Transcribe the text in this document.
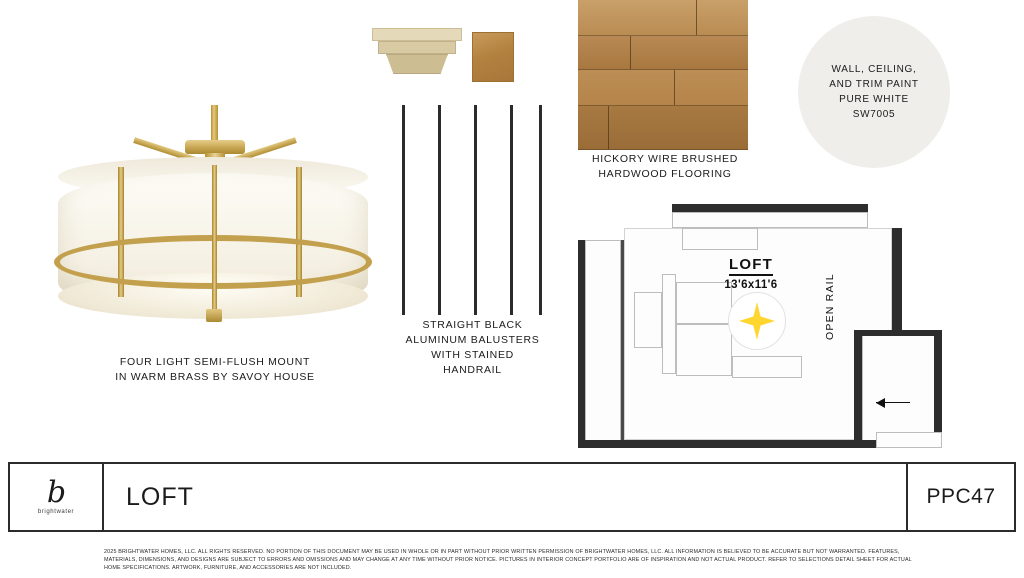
FOUR LIGHT SEMI-FLUSH MOUNT
IN WARM BRASS BY SAVOY HOUSE
STRAIGHT BLACK
ALUMINUM BALUSTERS
WITH STAINED
HANDRAIL
HICKORY WIRE BRUSHED
HARDWOOD FLOORING
WALL, CEILING,
AND TRIM PAINT
PURE WHITE
SW7005
LOFT
13'6x11'6	OPEN RAIL
b
brightwater
LOFT	PPC47
2025 BRIGHTWATER HOMES, LLC. ALL RIGHTS RESERVED. NO PORTION OF THIS DOCUMENT MAY BE USED IN WHOLE OR IN PART WITHOUT PRIOR WRITTEN PERMISSION OF BRIGHTWATER HOMES, LLC. ALL INFORMATION IS BELIEVED TO BE ACCURATE BUT NOT WARRANTED. FEATURES, MATERIALS, DIMENSIONS, AND DESIGNS ARE SUBJECT TO ERRORS AND OMISSIONS AND MAY CHANGE AT ANY TIME WITHOUT PRIOR NOTICE. PICTURES IN INTERIOR CONCEPT PORTFOLIO ARE OF INSPIRATION AND NOT ACTUAL PRODUCT. REFER TO SELECTIONS DETAIL SHEET FOR ACTUAL HOME SPECIFICATIONS. ARTWORK, FURNITURE, AND ACCESSORIES ARE NOT INCLUDED.
